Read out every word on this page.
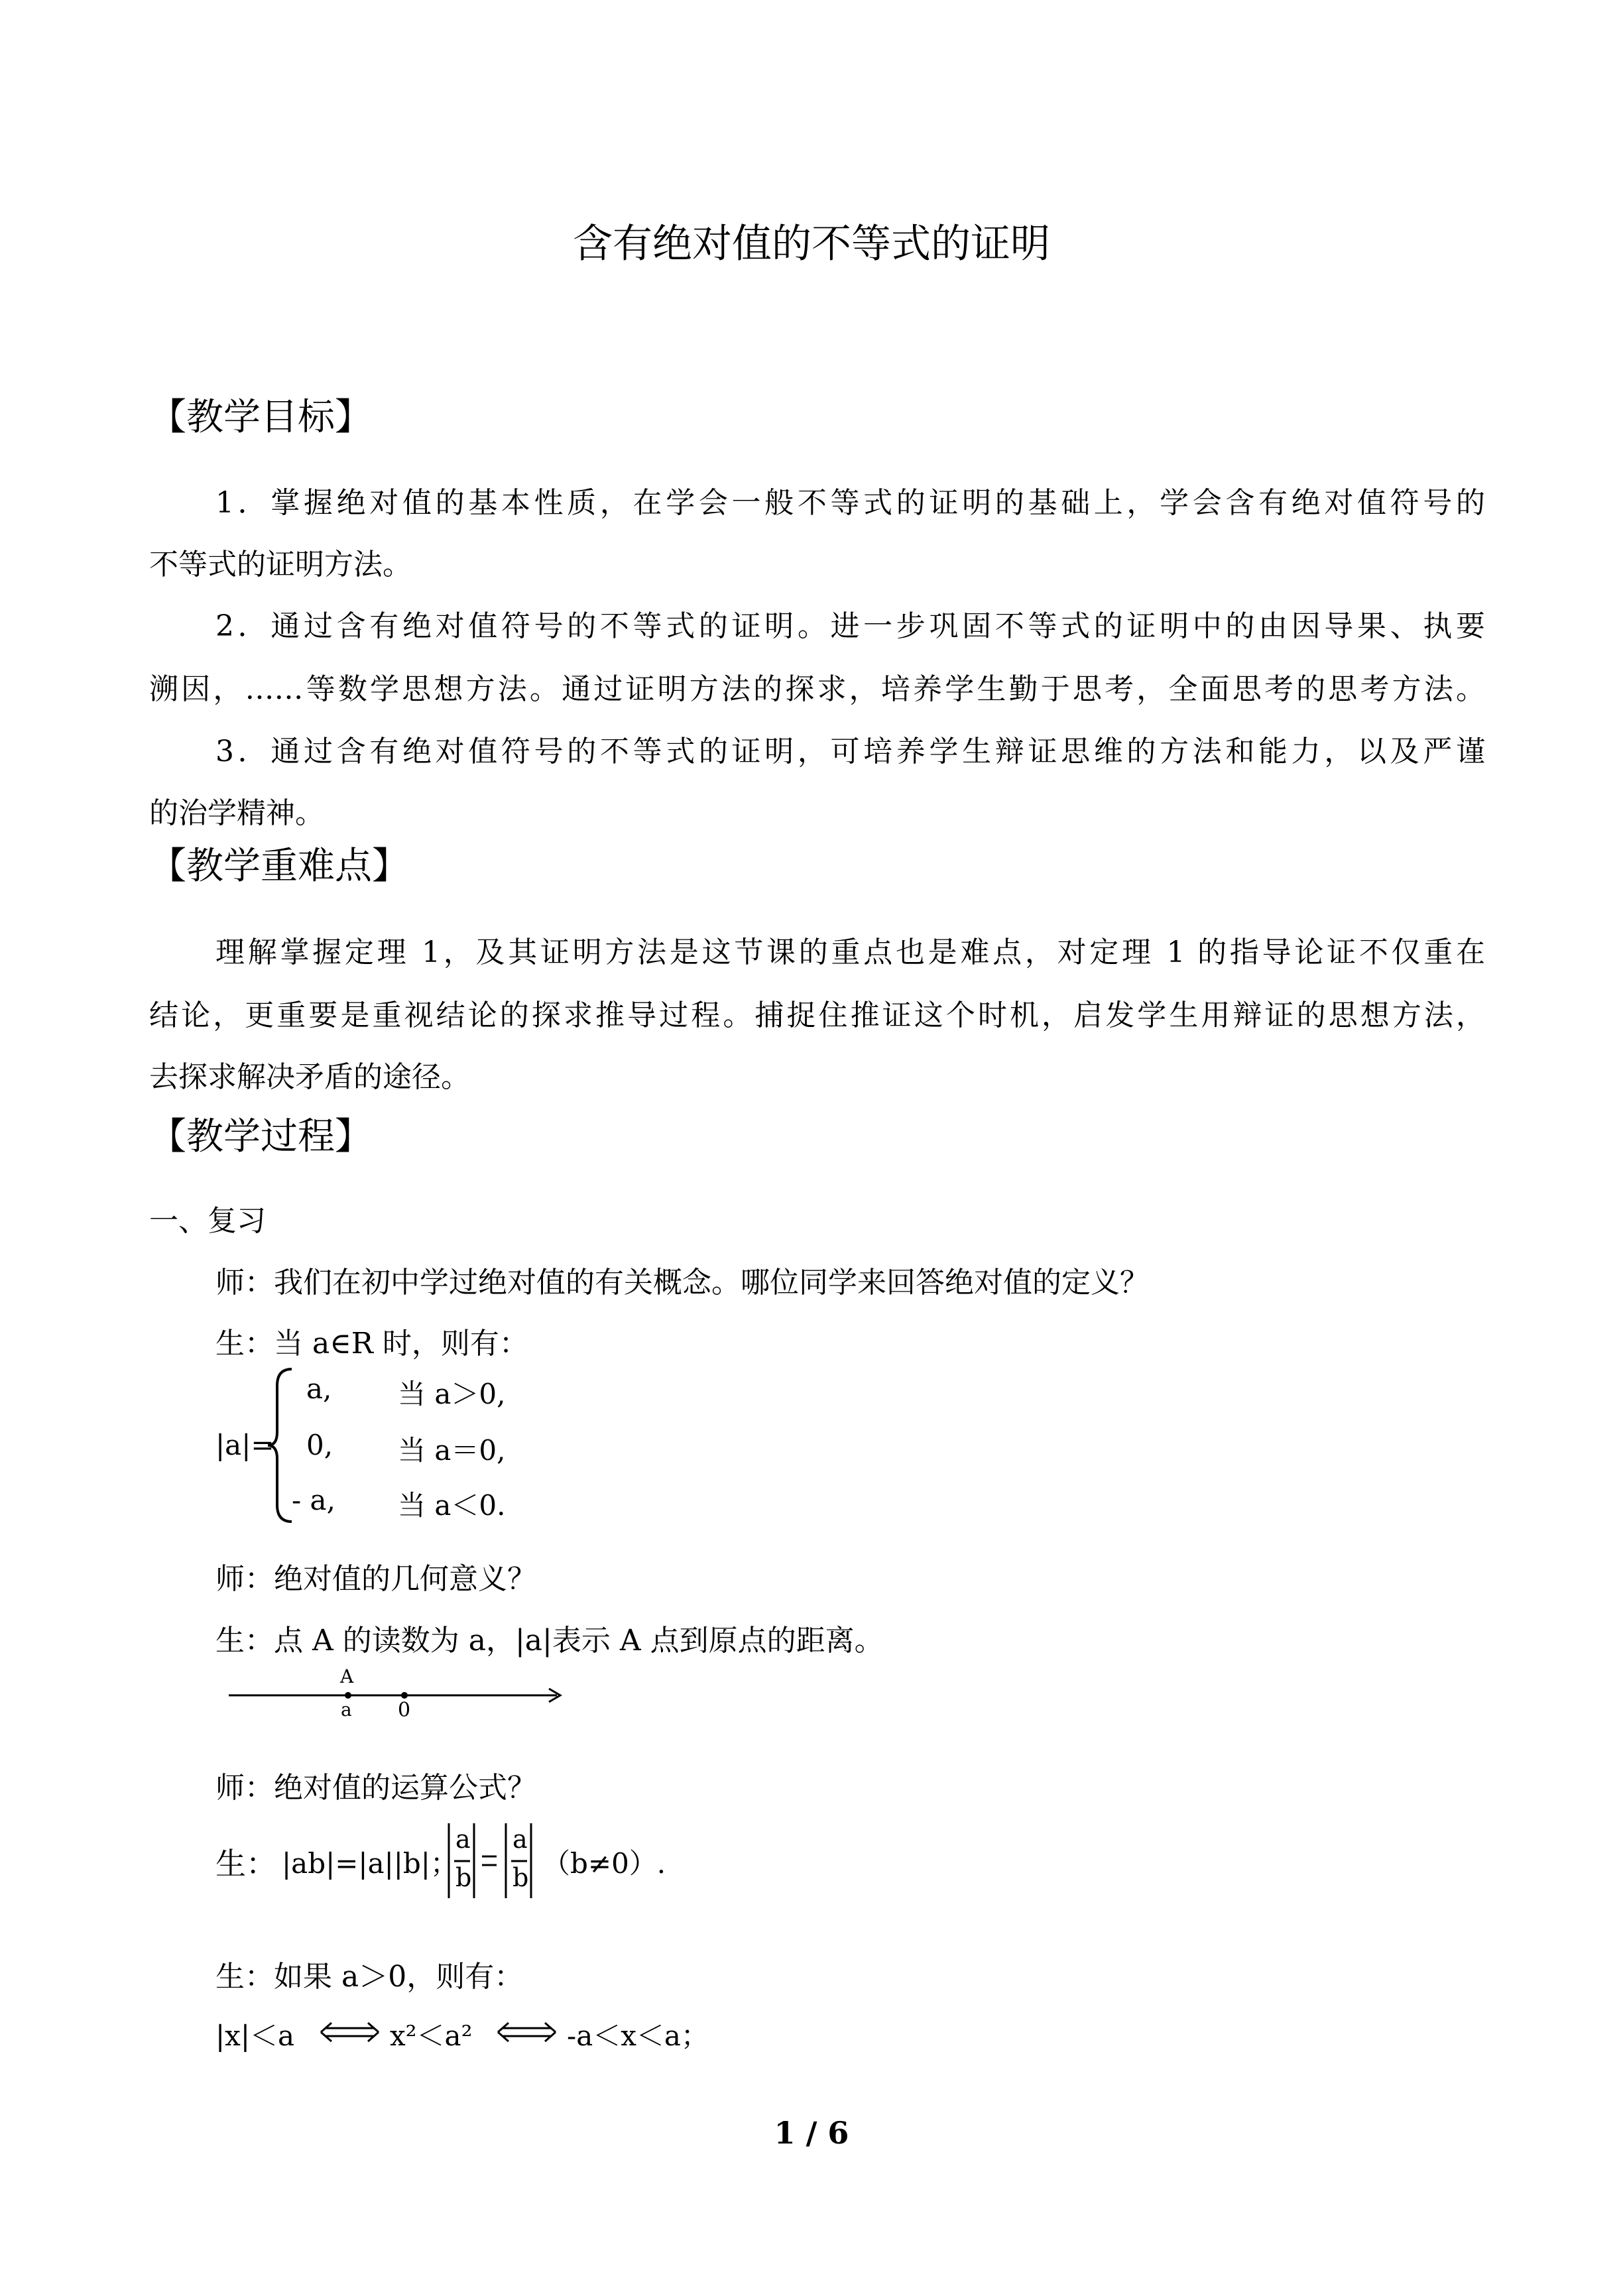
含有绝对值的不等式的证明
【教学目标】
1．掌握绝对值的基本性质，在学会一般不等式的证明的基础上，学会含有绝对值符号的
不等式的证明方法。
2．通过含有绝对值符号的不等式的证明。进一步巩固不等式的证明中的由因导果、执要
溯因，……等数学思想方法。通过证明方法的探求，培养学生勤于思考，全面思考的思考方法。
3．通过含有绝对值符号的不等式的证明，可培养学生辩证思维的方法和能力，以及严谨
的治学精神。
【教学重难点】
理解掌握定理 1，及其证明方法是这节课的重点也是难点，对定理 1 的指导论证不仅重在
结论，更重要是重视结论的探求推导过程。捕捉住推证这个时机，启发学生用辩证的思想方法，
去探求解决矛盾的途径。
【教学过程】
一、复习
师：我们在初中学过绝对值的有关概念。哪位同学来回答绝对值的定义？
生：当 a∈R 时，则有：
|a|=
a, 当 a＞0,
0, 当 a＝0,
- a, 当 a＜0.
师：绝对值的几何意义？
生：点 A 的读数为 a，|a|表示 A 点到原点的距离。
A
a 0
师：绝对值的运算公式？
生： |ab|=|a||b|；
a
b
a
b （b≠0）.
生：如果 a＞0，则有：
|x|＜a	x²＜a²	-a＜x＜a；
1 / 6
